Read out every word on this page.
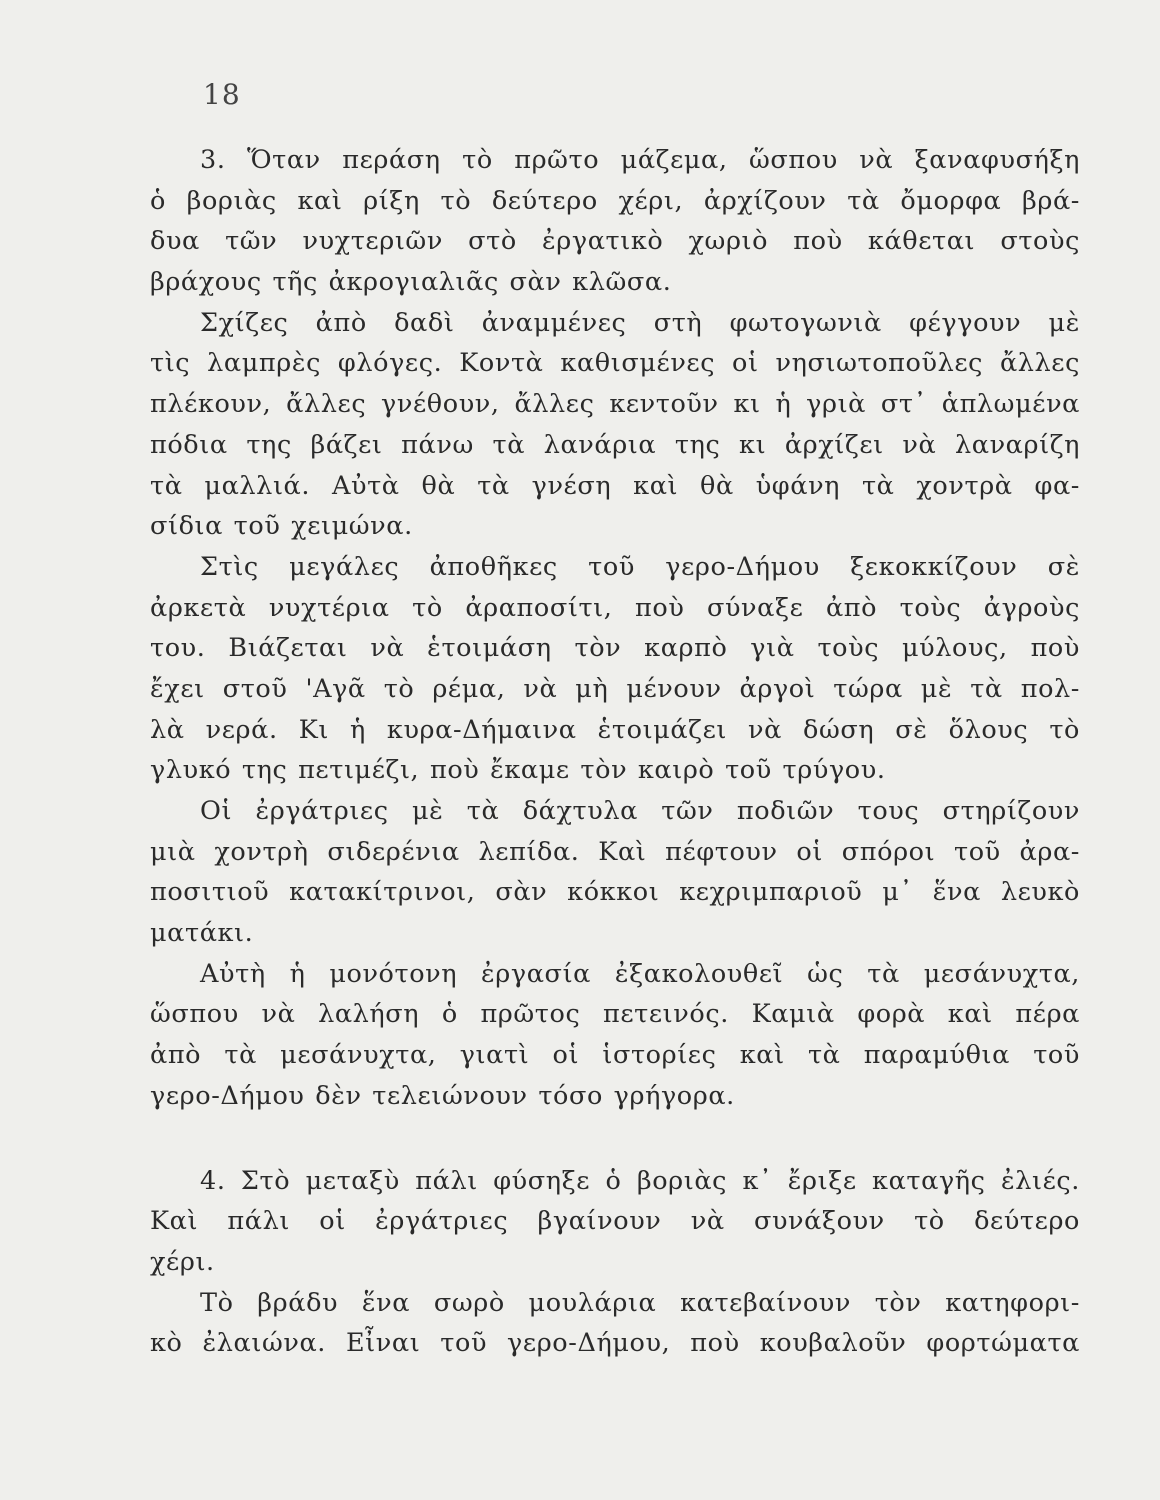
18
3. Ὅταν περάση τὸ πρῶτο μάζεμα, ὥσπου νὰ ξαναφυσήξη
ὁ βοριὰς καὶ ρίξη τὸ δεύτερο χέρι, ἀρχίζουν τὰ ὄμορφα βρά-
δυα τῶν νυχτεριῶν στὸ ἐργατικὸ χωριὸ ποὺ κάθεται στοὺς
βράχους τῆς ἀκρογιαλιᾶς σὰν κλῶσα.
Σχίζες ἀπὸ δαδὶ ἀναμμένες στὴ φωτογωνιὰ φέγγουν μὲ
τὶς λαμπρὲς φλόγες. Κοντὰ καθισμένες οἱ νησιωτοποῦλες ἄλλες
πλέκουν, ἄλλες γνέθουν, ἄλλες κεντοῦν κι ἡ γριὰ στ᾽ ἁπλωμένα
πόδια της βάζει πάνω τὰ λανάρια της κι ἀρχίζει νὰ λαναρίζη
τὰ μαλλιά. Αὐτὰ θὰ τὰ γνέση καὶ θὰ ὑφάνη τὰ χοντρὰ φα-
σίδια τοῦ χειμώνα.
Στὶς μεγάλες ἀποθῆκες τοῦ γερο-Δήμου ξεκοκκίζουν σὲ
ἀρκετὰ νυχτέρια τὸ ἀραποσίτι, ποὺ σύναξε ἀπὸ τοὺς ἀγροὺς
του. Βιάζεται νὰ ἑτοιμάση τὸν καρπὸ γιὰ τοὺς μύλους, ποὺ
ἔχει στοῦ 'Αγᾶ τὸ ρέμα, νὰ μὴ μένουν ἀργοὶ τώρα μὲ τὰ πολ-
λὰ νερά. Κι ἡ κυρα-Δήμαινα ἑτοιμάζει νὰ δώση σὲ ὅλους τὸ
γλυκό της πετιμέζι, ποὺ ἔκαμε τὸν καιρὸ τοῦ τρύγου.
Οἱ ἐργάτριες μὲ τὰ δάχτυλα τῶν ποδιῶν τους στηρίζουν
μιὰ χοντρὴ σιδερένια λεπίδα. Καὶ πέφτουν οἱ σπόροι τοῦ ἀρα-
ποσιτιοῦ κατακίτρινοι, σὰν κόκκοι κεχριμπαριοῦ μ᾽ ἕνα λευκὸ
ματάκι.
Αὐτὴ ἡ μονότονη ἐργασία ἐξακολουθεῖ ὡς τὰ μεσάνυχτα,
ὥσπου νὰ λαλήση ὁ πρῶτος πετεινός. Καμιὰ φορὰ καὶ πέρα
ἀπὸ τὰ μεσάνυχτα, γιατὶ οἱ ἱστορίες καὶ τὰ παραμύθια τοῦ
γερο-Δήμου δὲν τελειώνουν τόσο γρήγορα.
4. Στὸ μεταξὺ πάλι φύσηξε ὁ βοριὰς κ᾽ ἔριξε καταγῆς ἐλιές.
Καὶ πάλι οἱ ἐργάτριες βγαίνουν νὰ συνάξουν τὸ δεύτερο
χέρι.
Τὸ βράδυ ἕνα σωρὸ μουλάρια κατεβαίνουν τὸν κατηφορι-
κὸ ἐλαιώνα. Εἶναι τοῦ γερο-Δήμου, ποὺ κουβαλοῦν φορτώματα
